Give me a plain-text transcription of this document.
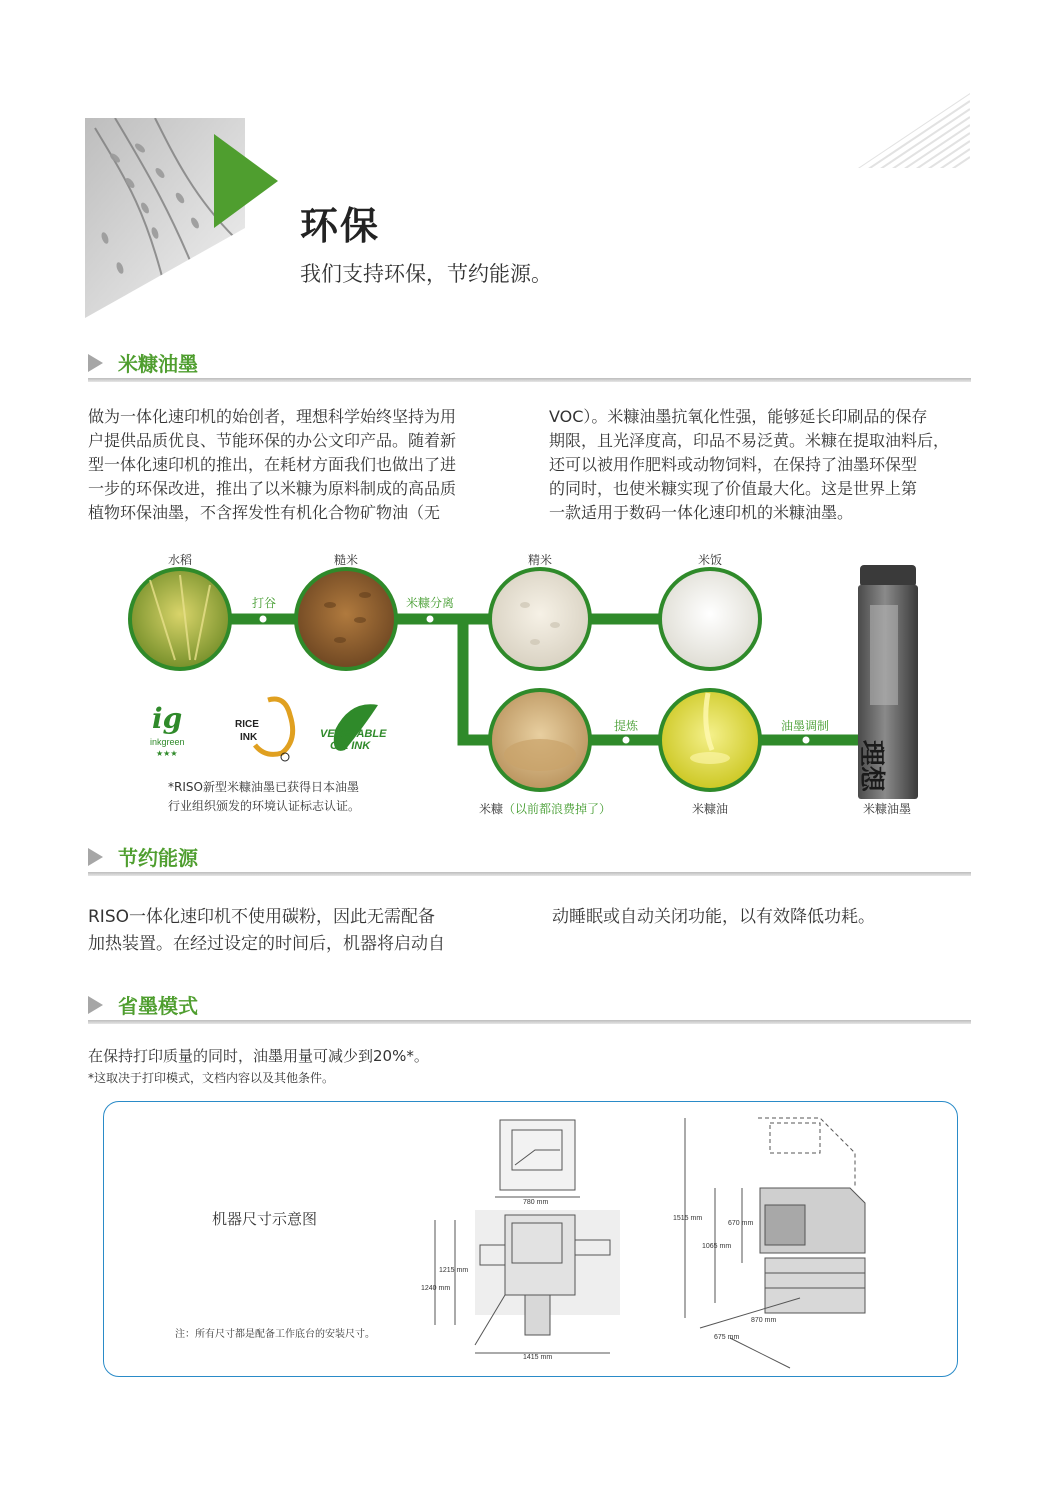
环保
我们支持环保，节约能源。
米糠油墨
做为一体化速印机的始创者，理想科学始终坚持为用
户提供品质优良、节能环保的办公文印产品。随着新
型一体化速印机的推出，在耗材方面我们也做出了进
一步的环保改进，推出了以米糠为原料制成的高品质
植物环保油墨，不含挥发性有机化合物矿物油（无
VOC）。米糠油墨抗氧化性强，能够延长印刷品的保存
期限，且光泽度高，印品不易泛黄。米糠在提取油料后，
还可以被用作肥料或动物饲料，在保持了油墨环保型
的同时，也使米糠实现了价值最大化。这是世界上第
一款适用于数码一体化速印机的米糠油墨。
理想
ig
inkgreen
★★★
RICE
INK	VEGETABLE
OIL INK
水稻	糙米	精米	米饭
打谷	米糠分离
提炼	油墨调制
米糠（以前都浪费掉了）	米糠油	米糠油墨
*RISO新型米糠油墨已获得日本油墨
行业组织颁发的环境认证标志认证。
节约能源
RISO一体化速印机不使用碳粉，因此无需配备
加热装置。在经过设定的时间后，机器将启动自
动睡眠或自动关闭功能，以有效降低功耗。
省墨模式
在保持打印质量的同时，油墨用量可减少到20%*。
*这取决于打印模式，文档内容以及其他条件。
机器尺寸示意图
注：所有尺寸都是配备工作底台的安装尺寸。
780 mm
1215 mm
1240 mm
1415 mm
1515 mm
670 mm
1065 mm
870 mm
675 mm
